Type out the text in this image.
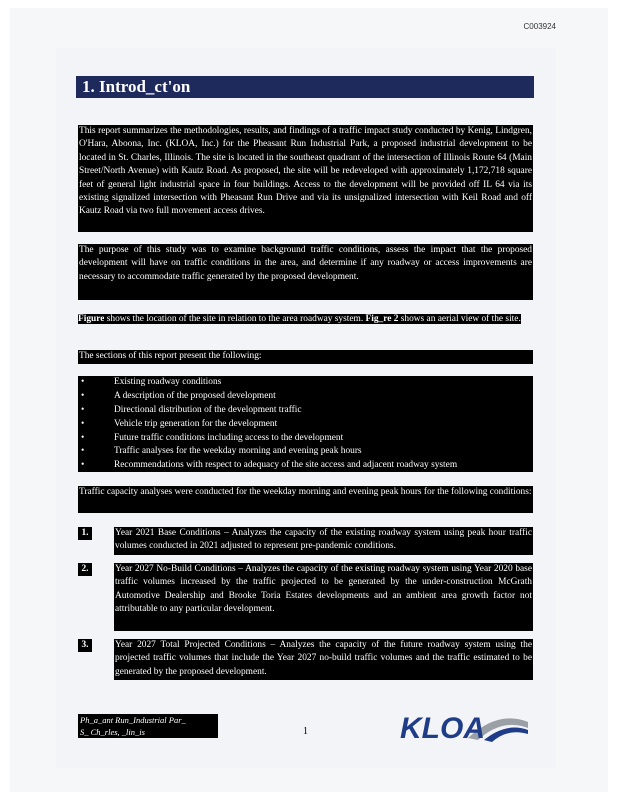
C003924
1. Introd_ct'on

This report summarizes the methodologies, results, and findings of a traffic impact study conducted by Kenig, Lindgren, O'Hara, Aboona, Inc. (KLOA, Inc.) for the Pheasant Run Industrial Park, a proposed industrial development to be located in St. Charles, Illinois. The site is located in the southeast quadrant of the intersection of Illinois Route 64 (Main Street/North Avenue) with Kautz Road. As proposed, the site will be redeveloped with approximately 1,172,718 square feet of general light industrial space in four buildings. Access to the development will be provided off IL 64 via its existing signalized intersection with Pheasant Run Drive and via its unsignalized intersection with Keil Road and off Kautz Road via two full movement access drives.

The purpose of this study was to examine background traffic conditions, assess the impact that the proposed development will have on traffic conditions in the area, and determine if any roadway or access improvements are necessary to accommodate traffic generated by the proposed development.

Figure shows the location of the site in relation to the area roadway system. Fig_re 2 shows an aerial view of the site.

The sections of this report present the following:

• Existing roadway conditions
• A description of the proposed development
• Directional distribution of the development traffic
• Vehicle trip generation for the development
• Future traffic conditions including access to the development
• Traffic analyses for the weekday morning and evening peak hours
• Recommendations with respect to adequacy of the site access and adjacent roadway system

Traffic capacity analyses were conducted for the weekday morning and evening peak hours for the following conditions:

1.	Year 2021 Base Conditions – Analyzes the capacity of the existing roadway system using peak hour traffic volumes conducted in 2021 adjusted to represent pre-pandemic conditions.
2.	Year 2027 No-Build Conditions – Analyzes the capacity of the existing roadway system using Year 2020 base traffic volumes increased by the traffic projected to be generated by the under-construction McGrath Automotive Dealership and Brooke Toria Estates developments and an ambient area growth factor not attributable to any particular development.
3.	Year 2027 Total Projected Conditions – Analyzes the capacity of the future roadway system using the projected traffic volumes that include the Year 2027 no-build traffic volumes and the traffic estimated to be generated by the proposed development.
Ph_a_ant Run_Industrial Par_
S_ Ch_rles, _lin_is	1	KLOA
